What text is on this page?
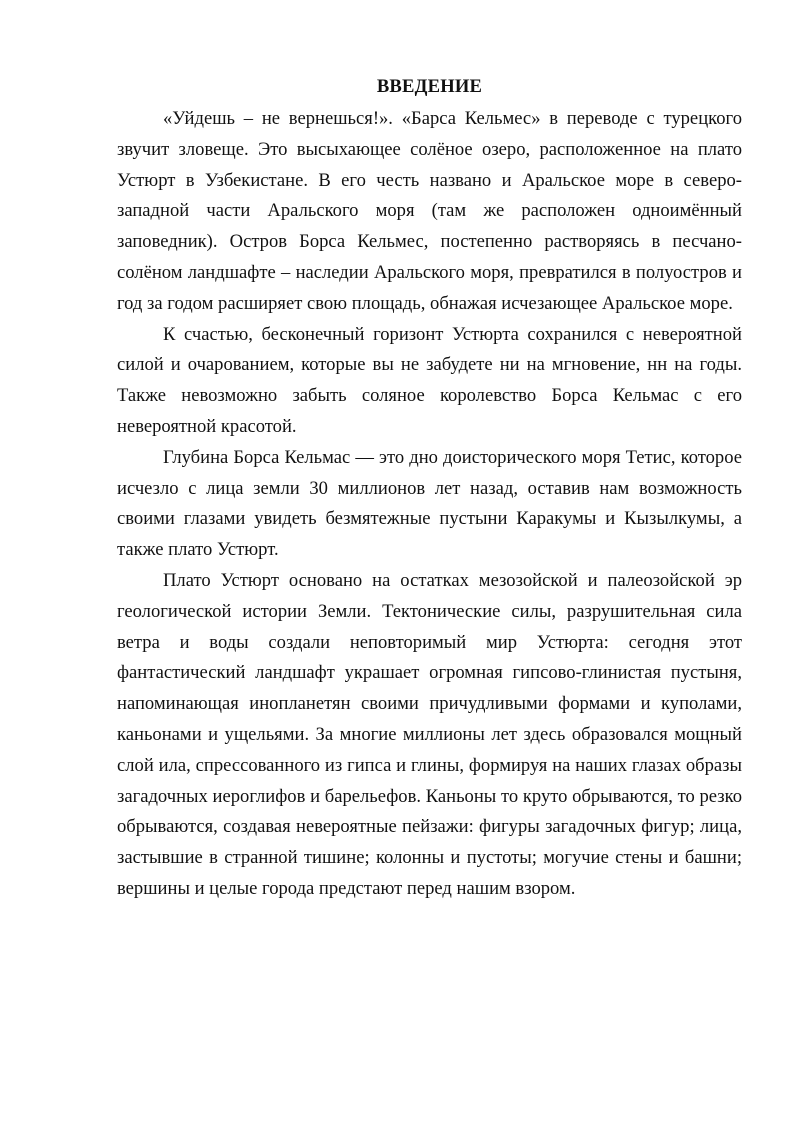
ВВЕДЕНИЕ

«Уйдешь – не вернешься!». «Барса Кельмес» в переводе с турецкого звучит зловеще. Это высыхающее солёное озеро, расположенное на плато Устюрт в Узбекистане. В его честь названо и Аральское море в северо-западной части Аральского моря (там же расположен одноимённый заповедник). Остров Борса Кельмес, постепенно растворяясь в песчано-солёном ландшафте – наследии Аральского моря, превратился в полуостров и год за годом расширяет свою площадь, обнажая исчезающее Аральское море.

К счастью, бесконечный горизонт Устюрта сохранился с невероятной силой и очарованием, которые вы не забудете ни на мгновение, нн на годы. Также невозможно забыть соляное королевство Борса Кельмас с его невероятной красотой.

Глубина Борса Кельмас — это дно доисторического моря Тетис, которое исчезло с лица земли 30 миллионов лет назад, оставив нам возможность своими глазами увидеть безмятежные пустыни Каракумы и Кызылкумы, а также плато Устюрт.

Плато Устюрт основано на остатках мезозойской и палеозойской эр геологической истории Земли. Тектонические силы, разрушительная сила ветра и воды создали неповторимый мир Устюрта: сегодня этот фантастический ландшафт украшает огромная гипсово-глинистая пустыня, напоминающая инопланетян своими причудливыми формами и куполами, каньонами и ущельями. За многие миллионы лет здесь образовался мощный слой ила, спрессованного из гипса и глины, формируя на наших глазах образы загадочных иероглифов и барельефов. Каньоны то круто обрываются, то резко обрываются, создавая невероятные пейзажи: фигуры загадочных фигур; лица, застывшие в странной тишине; колонны и пустоты; могучие стены и башни; вершины и целые города предстают перед нашим взором.
